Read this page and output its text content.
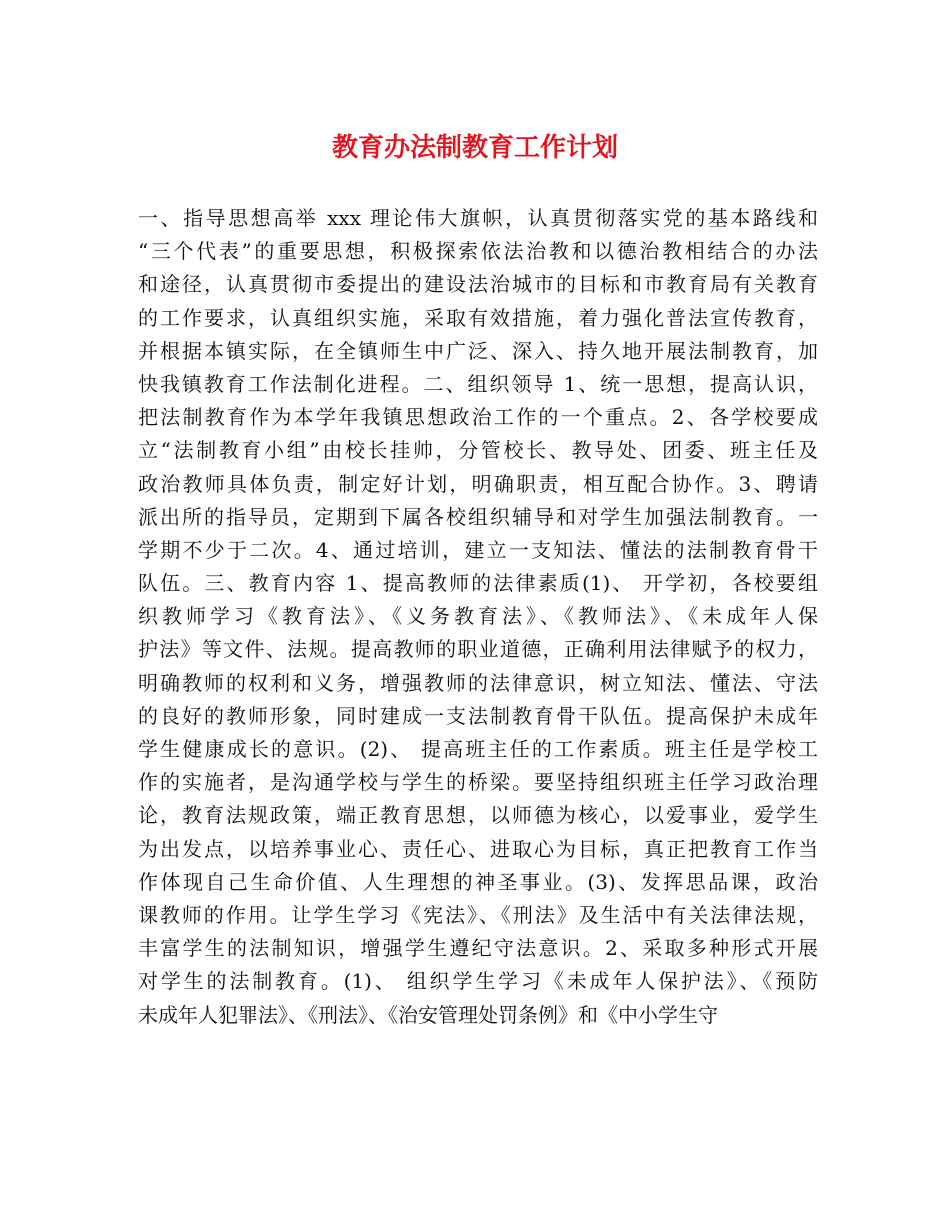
教育办法制教育工作计划
一、指导思想高举 xxx 理论伟大旗帜，认真贯彻落实党的基本路线和
“三个代表”的重要思想，积极探索依法治教和以德治教相结合的办法
和途径，认真贯彻市委提出的建设法治城市的目标和市教育局有关教育
的工作要求，认真组织实施，采取有效措施，着力强化普法宣传教育，
并根据本镇实际，在全镇师生中广泛、深入、持久地开展法制教育，加
快我镇教育工作法制化进程。二、组织领导 1、统一思想，提高认识，
把法制教育作为本学年我镇思想政治工作的一个重点。2、各学校要成
立“法制教育小组”由校长挂帅，分管校长、教导处、团委、班主任及
政治教师具体负责，制定好计划，明确职责，相互配合协作。3、聘请
派出所的指导员，定期到下属各校组织辅导和对学生加强法制教育。一
学期不少于二次。4、通过培训，建立一支知法、懂法的法制教育骨干
队伍。三、教育内容 1、提高教师的法律素质(1)、 开学初，各校要组
织教师学习《教育法》、《义务教育法》、《教师法》、《未成年人保
护法》等文件、法规。提高教师的职业道德，正确利用法律赋予的权力，
明确教师的权利和义务，增强教师的法律意识，树立知法、懂法、守法
的良好的教师形象，同时建成一支法制教育骨干队伍。提高保护未成年
学生健康成长的意识。(2)、 提高班主任的工作素质。班主任是学校工
作的实施者，是沟通学校与学生的桥梁。要坚持组织班主任学习政治理
论，教育法规政策，端正教育思想，以师德为核心，以爱事业，爱学生
为出发点，以培养事业心、责任心、进取心为目标，真正把教育工作当
作体现自己生命价值、人生理想的神圣事业。(3)、发挥思品课，政治
课教师的作用。让学生学习《宪法》、《刑法》及生活中有关法律法规，
丰富学生的法制知识，增强学生遵纪守法意识。2、采取多种形式开展
对学生的法制教育。(1)、 组织学生学习《未成年人保护法》、《预防
未成年人犯罪法》、《刑法》、《治安管理处罚条例》和《中小学生守
